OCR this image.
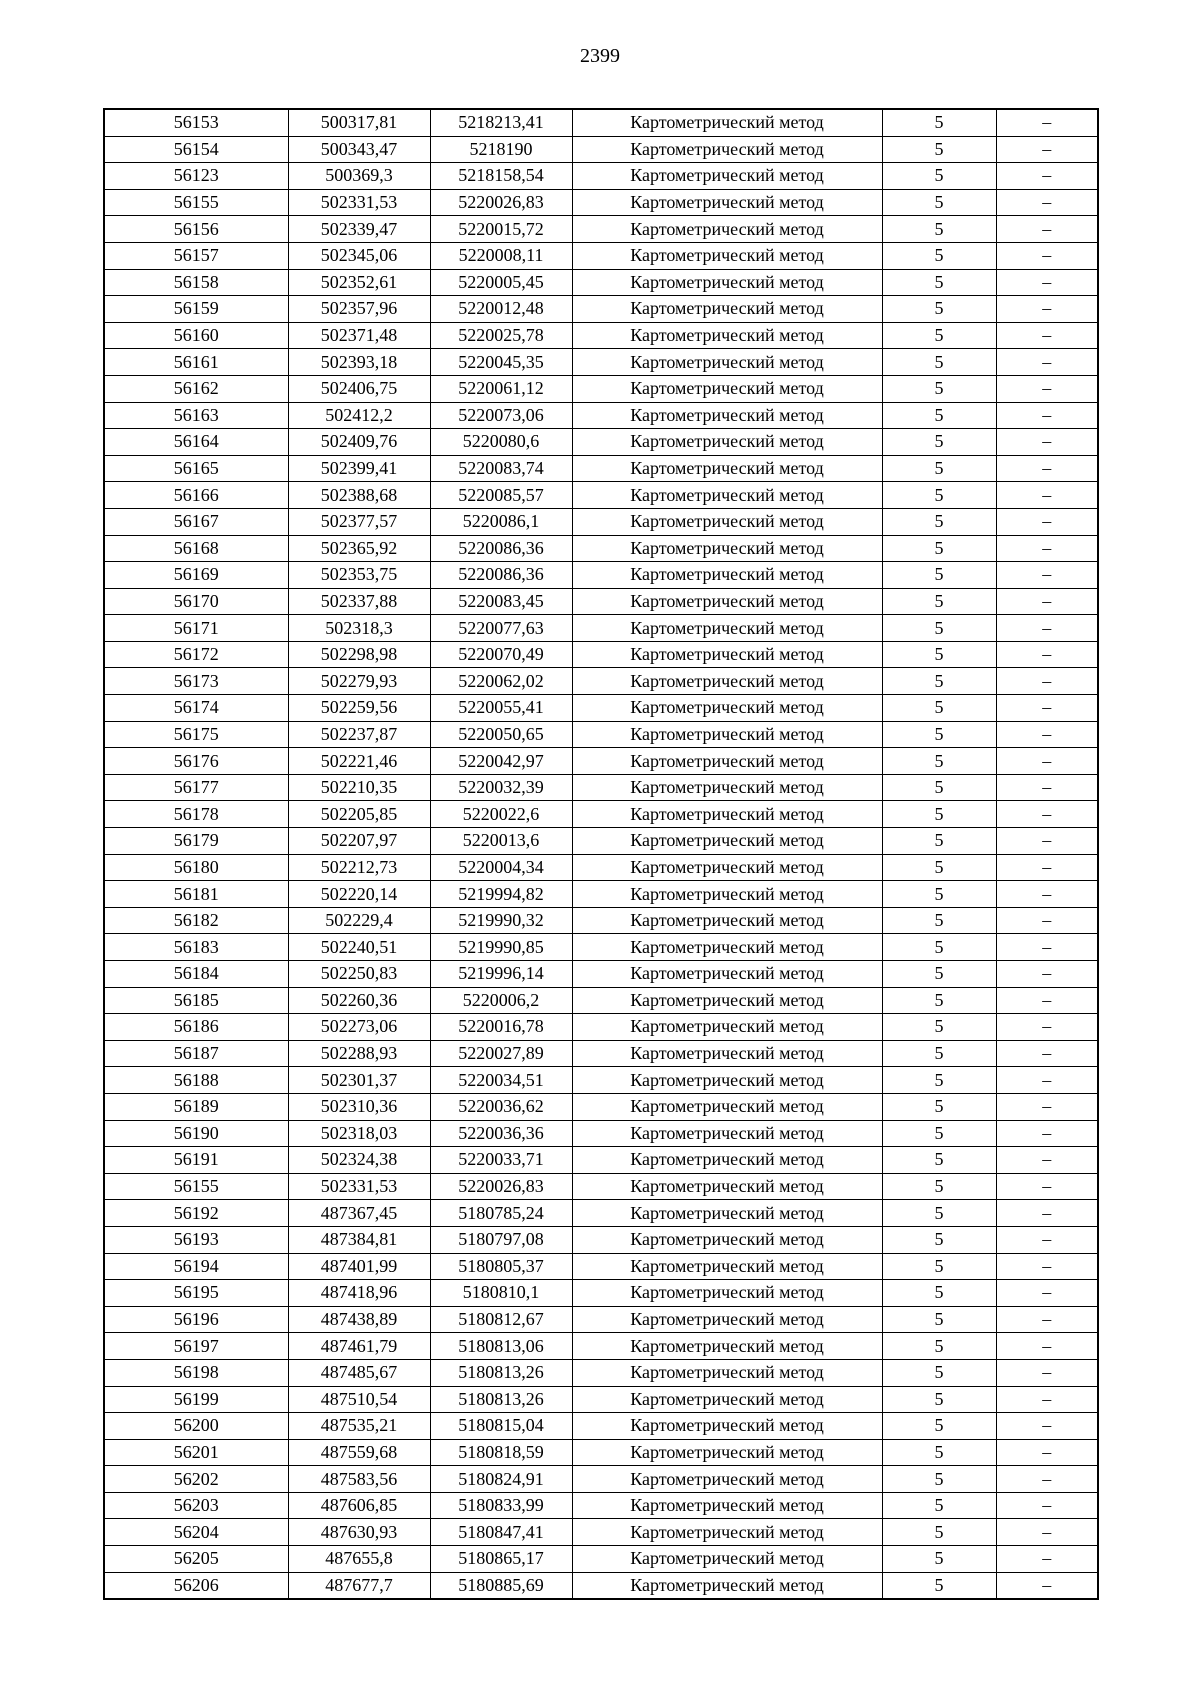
2399
56153	500317,81	5218213,41	Картометрический метод	5	–
56154	500343,47	5218190	Картометрический метод	5	–
56123	500369,3	5218158,54	Картометрический метод	5	–
56155	502331,53	5220026,83	Картометрический метод	5	–
56156	502339,47	5220015,72	Картометрический метод	5	–
56157	502345,06	5220008,11	Картометрический метод	5	–
56158	502352,61	5220005,45	Картометрический метод	5	–
56159	502357,96	5220012,48	Картометрический метод	5	–
56160	502371,48	5220025,78	Картометрический метод	5	–
56161	502393,18	5220045,35	Картометрический метод	5	–
56162	502406,75	5220061,12	Картометрический метод	5	–
56163	502412,2	5220073,06	Картометрический метод	5	–
56164	502409,76	5220080,6	Картометрический метод	5	–
56165	502399,41	5220083,74	Картометрический метод	5	–
56166	502388,68	5220085,57	Картометрический метод	5	–
56167	502377,57	5220086,1	Картометрический метод	5	–
56168	502365,92	5220086,36	Картометрический метод	5	–
56169	502353,75	5220086,36	Картометрический метод	5	–
56170	502337,88	5220083,45	Картометрический метод	5	–
56171	502318,3	5220077,63	Картометрический метод	5	–
56172	502298,98	5220070,49	Картометрический метод	5	–
56173	502279,93	5220062,02	Картометрический метод	5	–
56174	502259,56	5220055,41	Картометрический метод	5	–
56175	502237,87	5220050,65	Картометрический метод	5	–
56176	502221,46	5220042,97	Картометрический метод	5	–
56177	502210,35	5220032,39	Картометрический метод	5	–
56178	502205,85	5220022,6	Картометрический метод	5	–
56179	502207,97	5220013,6	Картометрический метод	5	–
56180	502212,73	5220004,34	Картометрический метод	5	–
56181	502220,14	5219994,82	Картометрический метод	5	–
56182	502229,4	5219990,32	Картометрический метод	5	–
56183	502240,51	5219990,85	Картометрический метод	5	–
56184	502250,83	5219996,14	Картометрический метод	5	–
56185	502260,36	5220006,2	Картометрический метод	5	–
56186	502273,06	5220016,78	Картометрический метод	5	–
56187	502288,93	5220027,89	Картометрический метод	5	–
56188	502301,37	5220034,51	Картометрический метод	5	–
56189	502310,36	5220036,62	Картометрический метод	5	–
56190	502318,03	5220036,36	Картометрический метод	5	–
56191	502324,38	5220033,71	Картометрический метод	5	–
56155	502331,53	5220026,83	Картометрический метод	5	–
56192	487367,45	5180785,24	Картометрический метод	5	–
56193	487384,81	5180797,08	Картометрический метод	5	–
56194	487401,99	5180805,37	Картометрический метод	5	–
56195	487418,96	5180810,1	Картометрический метод	5	–
56196	487438,89	5180812,67	Картометрический метод	5	–
56197	487461,79	5180813,06	Картометрический метод	5	–
56198	487485,67	5180813,26	Картометрический метод	5	–
56199	487510,54	5180813,26	Картометрический метод	5	–
56200	487535,21	5180815,04	Картометрический метод	5	–
56201	487559,68	5180818,59	Картометрический метод	5	–
56202	487583,56	5180824,91	Картометрический метод	5	–
56203	487606,85	5180833,99	Картометрический метод	5	–
56204	487630,93	5180847,41	Картометрический метод	5	–
56205	487655,8	5180865,17	Картометрический метод	5	–
56206	487677,7	5180885,69	Картометрический метод	5	–
